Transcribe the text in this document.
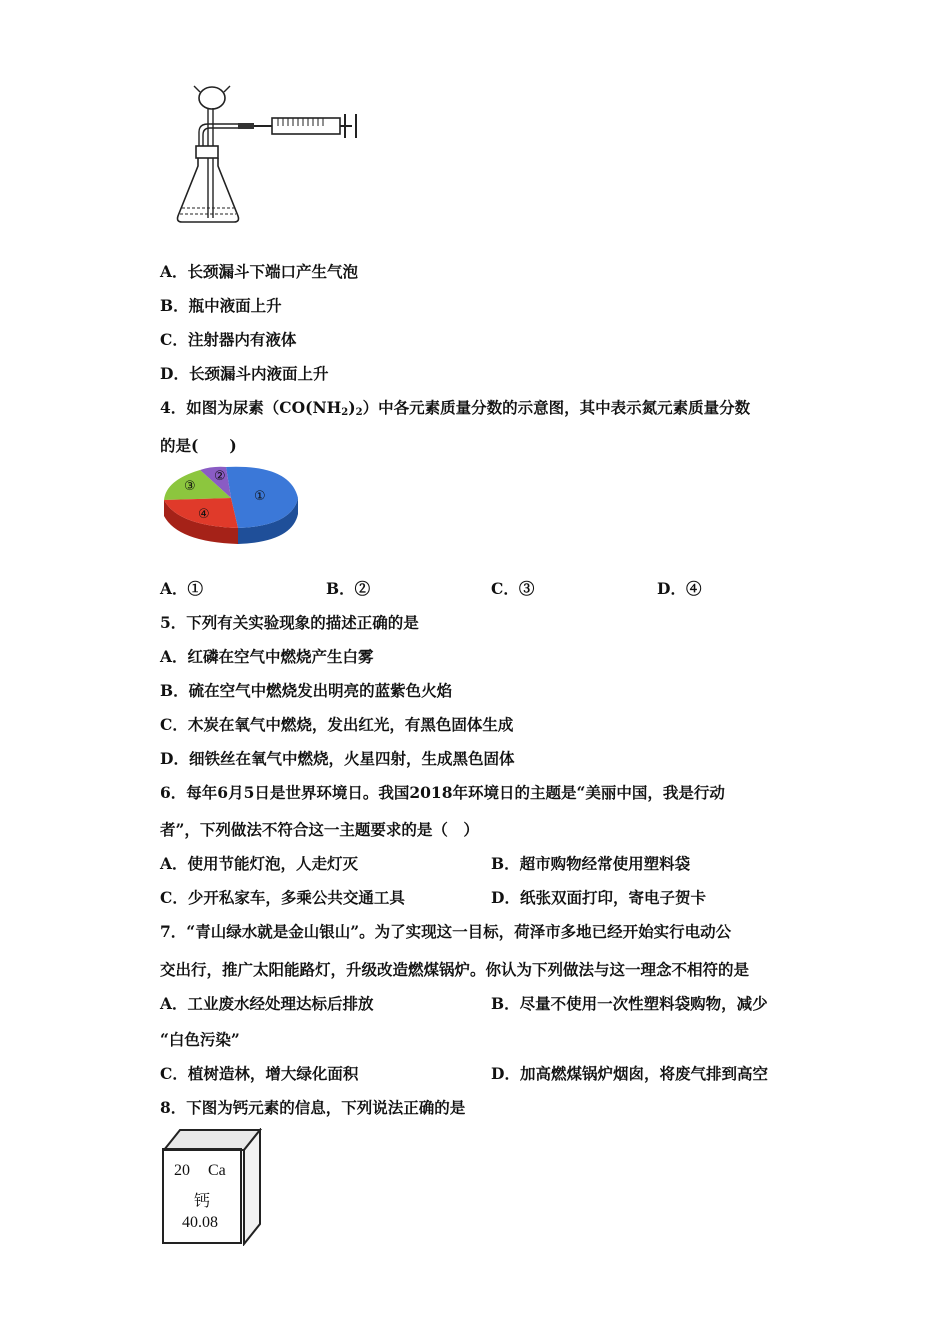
A．长颈漏斗下端口产生气泡
B．瓶中液面上升
C．注射器内有液体
D．长颈漏斗内液面上升
4．如图为尿素$(CO(NH_2)_2)$中各元素质量分数的示意图，其中表示氮元素质量分数
的是(　　)
①
②
③
④
A．①	B．②	C．③	D．④
5．下列有关实验现象的描述正确的是
A．红磷在空气中燃烧产生白雾
B．硫在空气中燃烧发出明亮的蓝紫色火焰
C．木炭在氧气中燃烧，发出红光，有黑色固体生成
D．细铁丝在氧气中燃烧，火星四射，生成黑色固体
6．每年6月5日是世界环境日。我国2018年环境日的主题是“美丽中国，我是行动
者”，下列做法不符合这一主题要求的是（　）
A．使用节能灯泡，人走灯灭	B．超市购物经常使用塑料袋
C．少开私家车，多乘公共交通工具	D．纸张双面打印，寄电子贺卡
7．“青山绿水就是金山银山”。为了实现这一目标，荷泽市多地已经开始实行电动公
交出行，推广太阳能路灯，升级改造燃煤锅炉。你认为下列做法与这一理念不相符的是
A．工业废水经处理达标后排放	B．尽量不使用一次性塑料袋购物，减少
“白色污染”
C．植树造林，增大绿化面积	D．加高燃煤锅炉烟囱，将废气排到高空
8．下图为钙元素的信息，下列说法正确的是
20 Ca
钙
40.08
